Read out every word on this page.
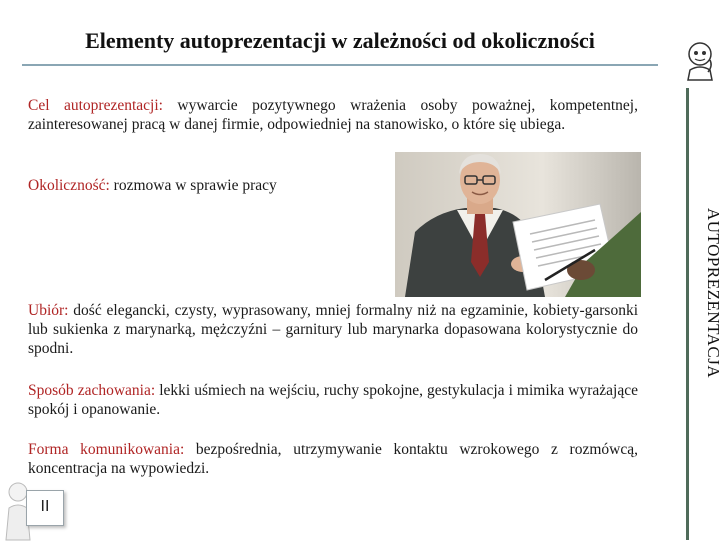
Elementy autoprezentacji w zależności od okoliczności
Cel autoprezentacji: wywarcie pozytywnego wrażenia osoby poważnej, kompetentnej, zainteresowanej pracą w danej firmie, odpowiedniej na stanowisko, o które się ubiega.
Okoliczność: rozmowa w sprawie pracy
Ubiór: dość elegancki, czysty, wyprasowany, mniej formalny niż na egzaminie, kobiety-garsonki lub sukienka z marynarką, mężczyźni – garnitury lub marynarka dopasowana kolorystycznie do spodni.
Sposób zachowania: lekki uśmiech na wejściu, ruchy spokojne, gestykulacja i mimika wyrażające spokój i opanowanie.
Forma komunikowania: bezpośrednia, utrzymywanie kontaktu wzrokowego z rozmówcą, koncentracja na wypowiedzi.
AUTOPREZENTACJA
II
